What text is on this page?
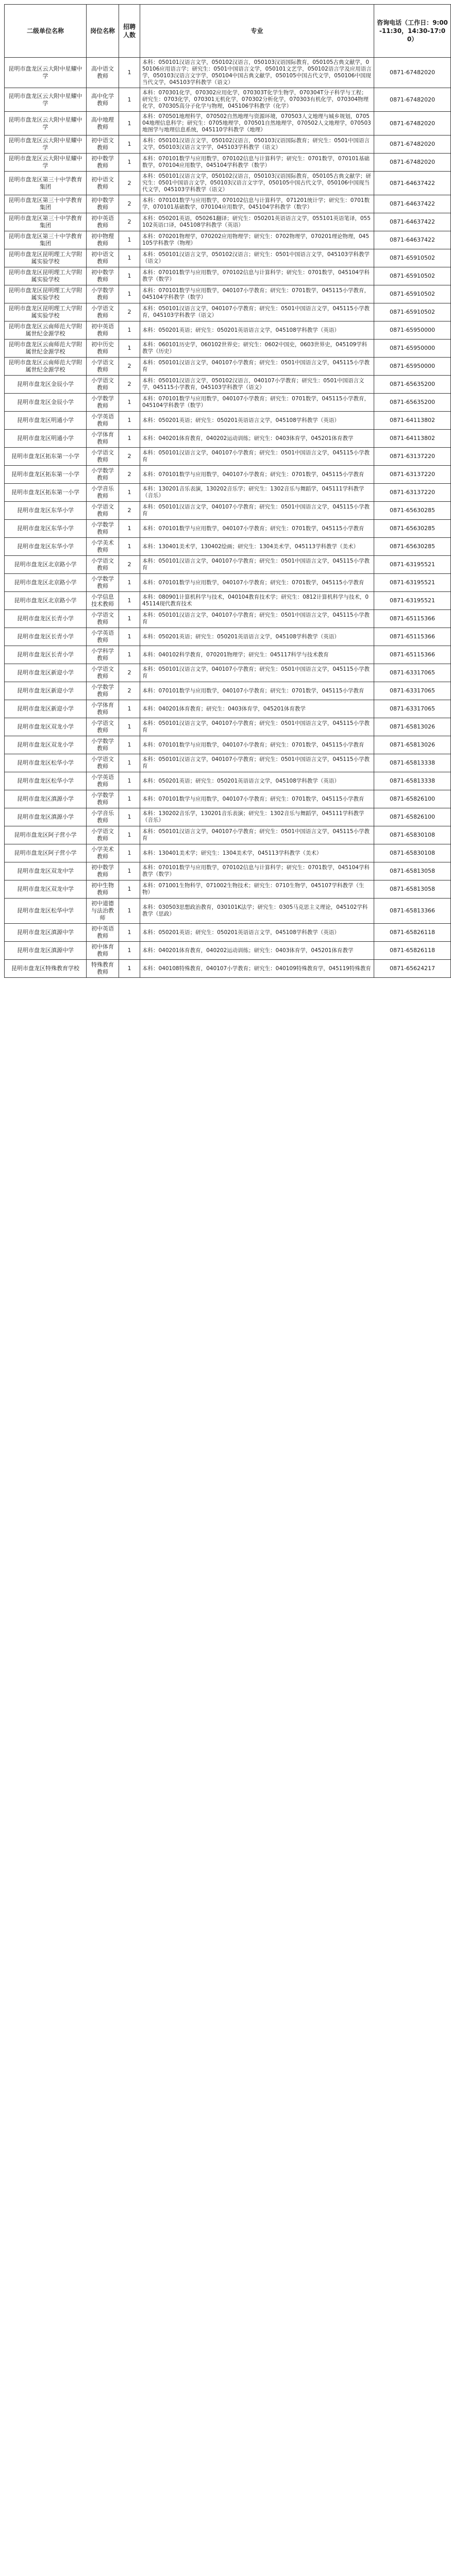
二级单位名称	岗位名称	招聘人数	专业	咨询电话（工作日：9:00-11:30，14:30-17:00）
昆明市盘龙区云大附中星耀中学	高中语文教师	1	本科：050101汉语言文学，050102汉语言，050103汉语国际教育，050105古典文献学，050106应用语言学；研究生：0501中国语言文学，050101文艺学，050102语言学及应用语言学，050103汉语言文字学，050104中国古典文献学，050105中国古代文学，050106中国现当代文学，045103学科教学（语文）	0871-67482020
昆明市盘龙区云大附中星耀中学	高中化学教师	1	本科：070301化学，070302应用化学，070303T化学生物学，070304T分子科学与工程；研究生：0703化学，070301无机化学，070302分析化学，070303有机化学，070304物理化学，070305高分子化学与物理，045106学科教学（化学）	0871-67482020
昆明市盘龙区云大附中星耀中学	高中地理教师	1	本科：070501地理科学，070502自然地理与资源环境，070503人文地理与城乡规划，070504地理信息科学；研究生：0705地理学，070501自然地理学，070502人文地理学，070503地图学与地理信息系统，045110学科教学（地理）	0871-67482020
昆明市盘龙区云大附中星耀中学	初中语文教师	1	本科：050101汉语言文学，050102汉语言，050103汉语国际教育；研究生：0501中国语言文学，050103汉语言文字学，045103学科教学（语文）	0871-67482020
昆明市盘龙区云大附中星耀中学	初中数学教师	1	本科：070101数学与应用数学，070102信息与计算科学；研究生：0701数学，070101基础数学，070104应用数学，045104学科教学（数学）	0871-67482020
昆明市盘龙区第三十中学教育集团	初中语文教师	2	本科：050101汉语言文学，050102汉语言，050103汉语国际教育，050105古典文献学；研究生：0501中国语言文学，050103汉语言文字学，050105中国古代文学，050106中国现当代文学，045103学科教学（语文）	0871-64637422
昆明市盘龙区第三十中学教育集团	初中数学教师	2	本科：070101数学与应用数学，070102信息与计算科学，071201统计学；研究生：0701数学，070101基础数学，070104应用数学，045104学科教学（数学）	0871-64637422
昆明市盘龙区第三十中学教育集团	初中英语教师	2	本科：050201英语，050261翻译；研究生：050201英语语言文学，055101英语笔译，055102英语口译，045108学科教学（英语）	0871-64637422
昆明市盘龙区第三十中学教育集团	初中物理教师	1	本科：070201物理学，070202应用物理学；研究生：0702物理学，070201理论物理，045105学科教学（物理）	0871-64637422
昆明市盘龙区昆明理工大学附属实验学校	初中语文教师	1	本科：050101汉语言文学，050102汉语言；研究生：0501中国语言文学，045103学科教学（语文）	0871-65910502
昆明市盘龙区昆明理工大学附属实验学校	初中数学教师	1	本科：070101数学与应用数学，070102信息与计算科学；研究生：0701数学，045104学科教学（数学）	0871-65910502
昆明市盘龙区昆明理工大学附属实验学校	小学数学教师	1	本科：070101数学与应用数学，040107小学教育；研究生：0701数学，045115小学教育，045104学科教学（数学）	0871-65910502
昆明市盘龙区昆明理工大学附属实验学校	小学语文教师	2	本科：050101汉语言文学，040107小学教育；研究生：0501中国语言文学，045115小学教育，045103学科教学（语文）	0871-65910502
昆明市盘龙区云南师范大学附属世纪金源学校	初中英语教师	1	本科：050201英语；研究生：050201英语语言文学，045108学科教学（英语）	0871-65950000
昆明市盘龙区云南师范大学附属世纪金源学校	初中历史教师	1	本科：060101历史学，060102世界史；研究生：0602中国史，0603世界史，045109学科教学（历史）	0871-65950000
昆明市盘龙区云南师范大学附属世纪金源学校	小学语文教师	2	本科：050101汉语言文学，040107小学教育；研究生：0501中国语言文学，045115小学教育	0871-65950000
昆明市盘龙区金辰小学	小学语文教师	2	本科：050101汉语言文学，050102汉语言，040107小学教育；研究生：0501中国语言文学，045115小学教育，045103学科教学（语文）	0871-65635200
昆明市盘龙区金辰小学	小学数学教师	1	本科：070101数学与应用数学，040107小学教育；研究生：0701数学，045115小学教育，045104学科教学（数学）	0871-65635200
昆明市盘龙区明通小学	小学英语教师	1	本科：050201英语；研究生：050201英语语言文学，045108学科教学（英语）	0871-64113802
昆明市盘龙区明通小学	小学体育教师	1	本科：040201体育教育，040202运动训练；研究生：0403体育学，045201体育教学	0871-64113802
昆明市盘龙区拓东第一小学	小学语文教师	2	本科：050101汉语言文学，040107小学教育；研究生：0501中国语言文学，045115小学教育	0871-63137220
昆明市盘龙区拓东第一小学	小学数学教师	2	本科：070101数学与应用数学，040107小学教育；研究生：0701数学，045115小学教育	0871-63137220
昆明市盘龙区拓东第一小学	小学音乐教师	1	本科：130201音乐表演，130202音乐学；研究生：1302音乐与舞蹈学，045111学科教学（音乐）	0871-63137220
昆明市盘龙区东华小学	小学语文教师	2	本科：050101汉语言文学，040107小学教育；研究生：0501中国语言文学，045115小学教育	0871-65630285
昆明市盘龙区东华小学	小学数学教师	1	本科：070101数学与应用数学，040107小学教育；研究生：0701数学，045115小学教育	0871-65630285
昆明市盘龙区东华小学	小学美术教师	1	本科：130401美术学，130402绘画；研究生：1304美术学，045113学科教学（美术）	0871-65630285
昆明市盘龙区北京路小学	小学语文教师	2	本科：050101汉语言文学，040107小学教育；研究生：0501中国语言文学，045115小学教育	0871-63195521
昆明市盘龙区北京路小学	小学数学教师	1	本科：070101数学与应用数学，040107小学教育；研究生：0701数学，045115小学教育	0871-63195521
昆明市盘龙区北京路小学	小学信息技术教师	1	本科：080901计算机科学与技术，040104教育技术学；研究生：0812计算机科学与技术，045114现代教育技术	0871-63195521
昆明市盘龙区长青小学	小学语文教师	1	本科：050101汉语言文学，040107小学教育；研究生：0501中国语言文学，045115小学教育	0871-65115366
昆明市盘龙区长青小学	小学英语教师	1	本科：050201英语；研究生：050201英语语言文学，045108学科教学（英语）	0871-65115366
昆明市盘龙区长青小学	小学科学教师	1	本科：040102科学教育，070201物理学；研究生：045117科学与技术教育	0871-65115366
昆明市盘龙区新迎小学	小学语文教师	2	本科：050101汉语言文学，040107小学教育；研究生：0501中国语言文学，045115小学教育	0871-63317065
昆明市盘龙区新迎小学	小学数学教师	2	本科：070101数学与应用数学，040107小学教育；研究生：0701数学，045115小学教育	0871-63317065
昆明市盘龙区新迎小学	小学体育教师	1	本科：040201体育教育；研究生：0403体育学，045201体育教学	0871-63317065
昆明市盘龙区双龙小学	小学语文教师	1	本科：050101汉语言文学，040107小学教育；研究生：0501中国语言文学，045115小学教育	0871-65813026
昆明市盘龙区双龙小学	小学数学教师	1	本科：070101数学与应用数学，040107小学教育；研究生：0701数学，045115小学教育	0871-65813026
昆明市盘龙区松华小学	小学语文教师	1	本科：050101汉语言文学，040107小学教育；研究生：0501中国语言文学，045115小学教育	0871-65813338
昆明市盘龙区松华小学	小学英语教师	1	本科：050201英语；研究生：050201英语语言文学，045108学科教学（英语）	0871-65813338
昆明市盘龙区滇源小学	小学数学教师	1	本科：070101数学与应用数学，040107小学教育；研究生：0701数学，045115小学教育	0871-65826100
昆明市盘龙区滇源小学	小学音乐教师	1	本科：130202音乐学，130201音乐表演；研究生：1302音乐与舞蹈学，045111学科教学（音乐）	0871-65826100
昆明市盘龙区阿子营小学	小学语文教师	1	本科：050101汉语言文学，040107小学教育；研究生：0501中国语言文学，045115小学教育	0871-65830108
昆明市盘龙区阿子营小学	小学美术教师	1	本科：130401美术学；研究生：1304美术学，045113学科教学（美术）	0871-65830108
昆明市盘龙区双龙中学	初中数学教师	1	本科：070101数学与应用数学，070102信息与计算科学；研究生：0701数学，045104学科教学（数学）	0871-65813058
昆明市盘龙区双龙中学	初中生物教师	1	本科：071001生物科学，071002生物技术；研究生：0710生物学，045107学科教学（生物）	0871-65813058
昆明市盘龙区松华中学	初中道德与法治教师	1	本科：030503思想政治教育，030101K法学；研究生：0305马克思主义理论，045102学科教学（思政）	0871-65813366
昆明市盘龙区滇源中学	初中英语教师	1	本科：050201英语；研究生：050201英语语言文学，045108学科教学（英语）	0871-65826118
昆明市盘龙区滇源中学	初中体育教师	1	本科：040201体育教育，040202运动训练；研究生：0403体育学，045201体育教学	0871-65826118
昆明市盘龙区特殊教育学校	特殊教育教师	1	本科：040108特殊教育，040107小学教育；研究生：040109特殊教育学，045119特殊教育	0871-65624217
